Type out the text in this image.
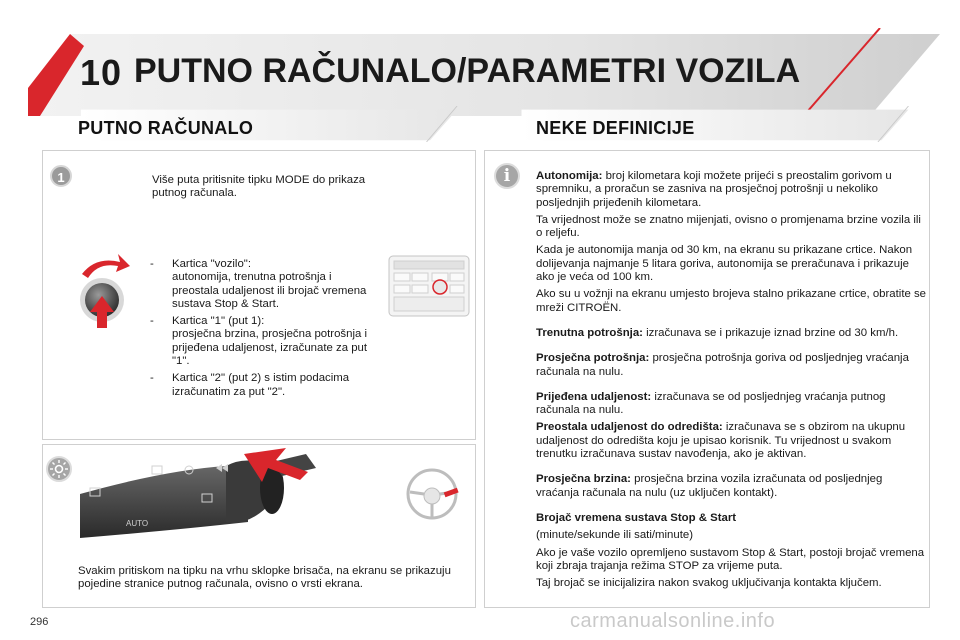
10 PUTNO RAČUNALO/PARAMETRI VOZILA
PUTNO RAČUNALO	NEKE DEFINICIJE
1	Više puta pritisnite tipku MODE do prikaza putnog računala.
- Kartica "vozilo":
autonomija, trenutna potrošnja i preostala udaljenost ili brojač vremena sustava Stop & Start.
- Kartica "1" (put 1):
prosječna brzina, prosječna potrošnja i prijeđena udaljenost, izračunate za put "1".
- Kartica "2" (put 2) s istim podacima izračunatim za put "2".
AUTO
Svakim pritiskom na tipku na vrhu sklopke brisača, na ekranu se prikazuju pojedine stranice putnog računala, ovisno o vrsti ekrana.
i	Autonomija: broj kilometara koji možete prijeći s preostalim gorivom u spremniku, a proračun se zasniva na prosječnoj potrošnji u nekoliko posljednjih prijeđenih kilometara.

Ta vrijednost može se znatno mijenjati, ovisno o promjenama brzine vozila ili o reljefu.

Kada je autonomija manja od 30 km, na ekranu su prikazane crtice. Nakon dolijevanja najmanje 5 litara goriva, autonomija se preračunava i prikazuje ako je veća od 100 km.

Ako su u vožnji na ekranu umjesto brojeva stalno prikazane crtice, obratite se mreži CITROËN.

Trenutna potrošnja: izračunava se i prikazuje iznad brzine od 30 km/h.

Prosječna potrošnja: prosječna potrošnja goriva od posljednjeg vraćanja računala na nulu.

Prijeđena udaljenost: izračunava se od posljednjeg vraćanja putnog računala na nulu.

Preostala udaljenost do odredišta: izračunava se s obzirom na ukupnu udaljenost do odredišta koju je upisao korisnik. Tu vrijednost u svakom trenutku izračunava sustav navođenja, ako je aktivan.

Prosječna brzina: prosječna brzina vozila izračunata od posljednjeg vraćanja računala na nulu (uz uključen kontakt).

Brojač vremena sustava Stop & Start

(minute/sekunde ili sati/minute)

Ako je vaše vozilo opremljeno sustavom Stop & Start, postoji brojač vremena koji zbraja trajanja režima STOP za vrijeme puta.

Taj brojač se inicijalizira nakon svakog uključivanja kontakta ključem.

296	carmanualsonline.info
